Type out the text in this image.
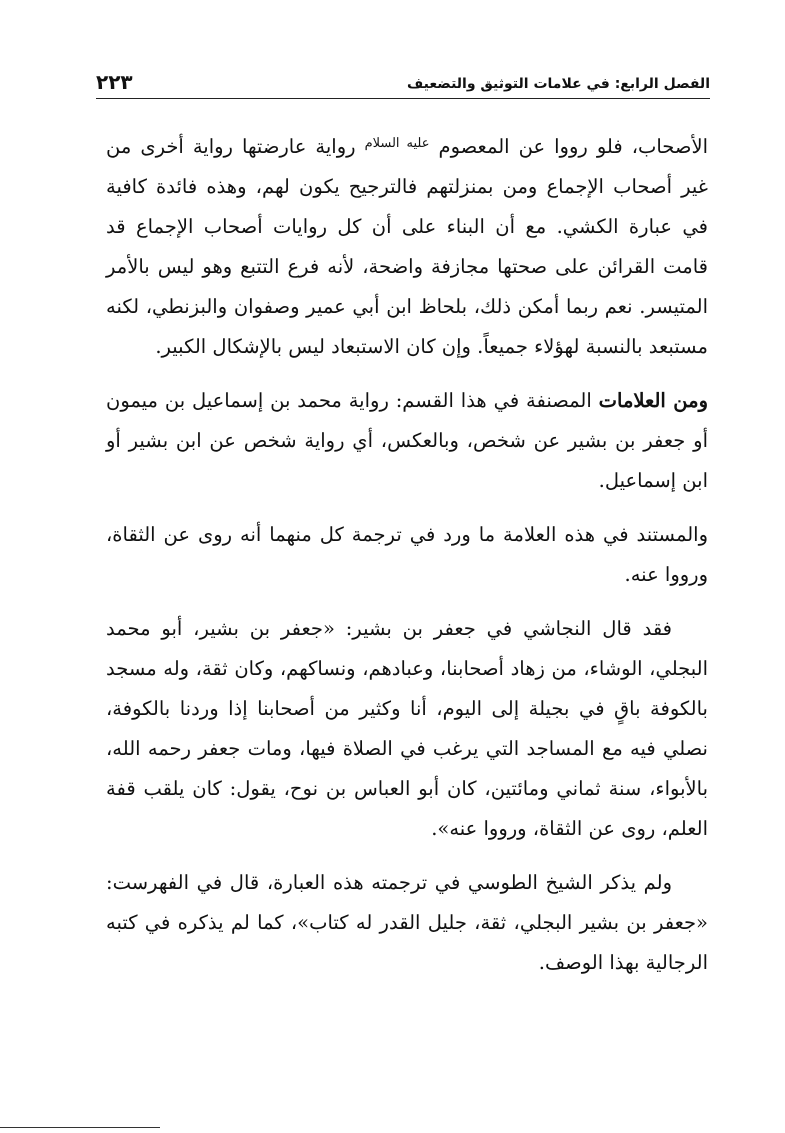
الفصل الرابع: في علامات التوثيق والتضعيف
٢٢٣

الأصحاب، فلو رووا عن المعصوم $^{عليه السلام}$ رواية عارضتها رواية أخرى من غير أصحاب الإجماع ومن بمنزلتهم فالترجيح يكون لهم، وهذه فائدة كافية في عبارة الكشي. مع أن البناء على أن كل روايات أصحاب الإجماع قد قامت القرائن على صحتها مجازفة واضحة، لأنه فرع التتبع وهو ليس بالأمر المتيسر. نعم ربما أمكن ذلك، بلحاظ ابن أبي عمير وصفوان والبزنطي، لكنه مستبعد بالنسبة لهؤلاء جميعاً. وإن كان الاستبعاد ليس بالإشكال الكبير.

ومن العلامات المصنفة في هذا القسم: رواية محمد بن إسماعيل بن ميمون أو جعفر بن بشير عن شخص، وبالعكس، أي رواية شخص عن ابن بشير أو ابن إسماعيل.

والمستند في هذه العلامة ما ورد في ترجمة كل منهما أنه روى عن الثقاة، ورووا عنه.

فقد قال النجاشي في جعفر بن بشير: «جعفر بن بشير، أبو محمد البجلي، الوشاء، من زهاد أصحابنا، وعبادهم، ونساكهم، وكان ثقة، وله مسجد بالكوفة باقٍ في بجيلة إلى اليوم، أنا وكثير من أصحابنا إذا وردنا بالكوفة، نصلي فيه مع المساجد التي يرغب في الصلاة فيها، ومات جعفر رحمه الله، بالأبواء، سنة ثماني ومائتين، كان أبو العباس بن نوح، يقول: كان يلقب قفة العلم، روى عن الثقاة، ورووا عنه».

ولم يذكر الشيخ الطوسي في ترجمته هذه العبارة، قال في الفهرست: «جعفر بن بشير البجلي، ثقة، جليل القدر له كتاب»، كما لم يذكره في كتبه الرجالية بهذا الوصف.
